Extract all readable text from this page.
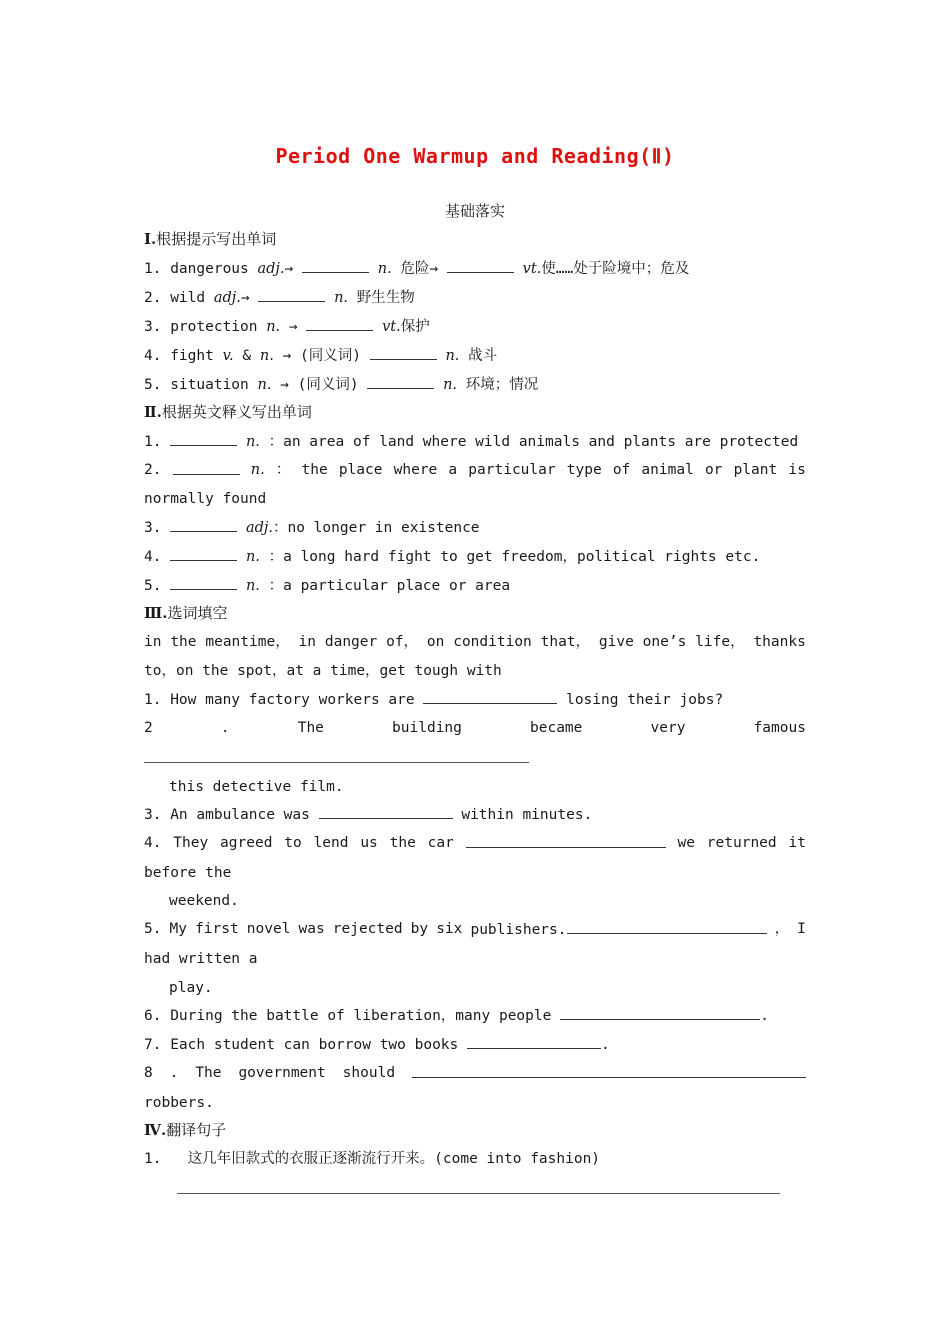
Period One Warmup and Reading(Ⅱ)
基础落实
Ⅰ.根据提示写出单词
1. dangerous adj.→	n. 危险→	vt.使……处于险境中；危及
2. wild adj.→	n. 野生生物
3. protection n. →	vt.保护
4. fight v. & n. → (同义词)	n. 战斗
5. situation n. → (同义词)	n. 环境；情况
Ⅱ.根据英文释义写出单词
1.	n. ：an area of land where wild animals and plants are protected
2.	n. ： the place where a particular type of animal or plant is
normally found
3.	adj.：no longer in existence
4.	n. ：a long hard fight to get freedom，political rights etc.
5.	n. ：a particular place or area
Ⅲ.选词填空
in the meantime， in danger of， on condition that， give one’s life， thanks
to，on the spot，at a time，get tough with
1. How many factory workers are	losing their jobs?
2	.	The	building	became	very	famous
this detective film.
3. An ambulance was	within minutes.
4. They agreed to lend us the car	we returned it
before the
weekend.
5. My first novel was rejected by six publishers.	， I
had written a
play.
6. During the battle of liberation，many people	.
7. Each student can borrow two books	.
8 . The government should
robbers.
Ⅳ.翻译句子
1. 这几年旧款式的衣服正逐渐流行开来。(come into fashion)
